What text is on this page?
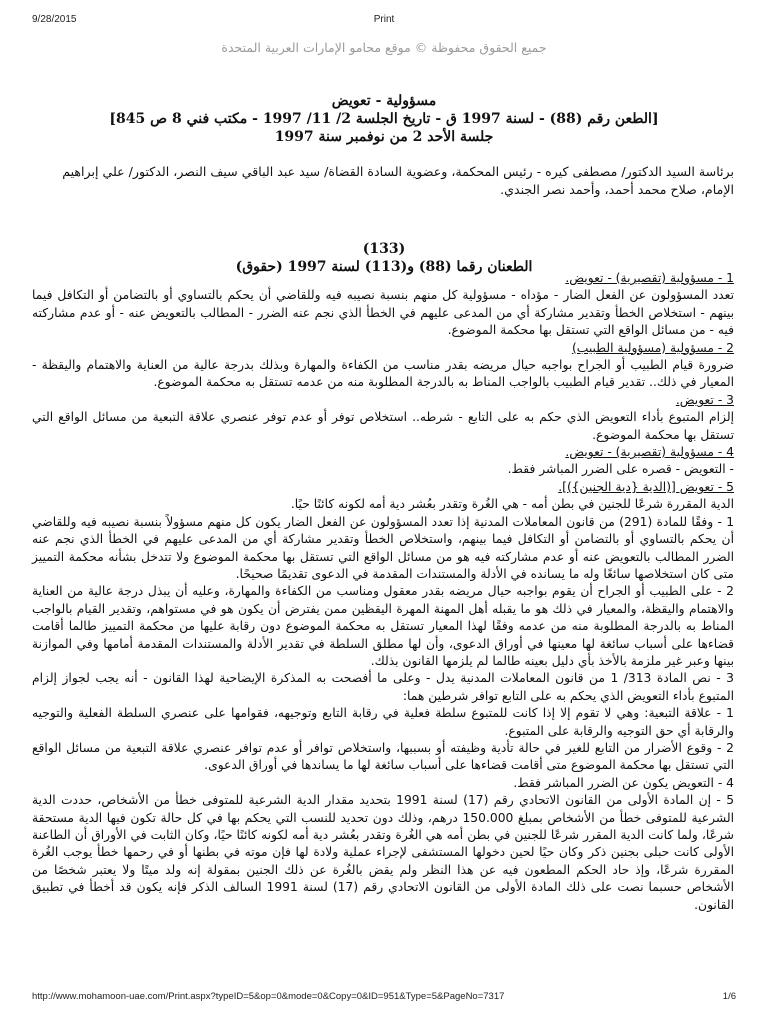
9/28/2015	Print
جميع الحقوق محفوظة © موقع محامو الإمارات العربية المتحدة
مسؤولية - تعويض
[الطعن رقم (88) - لسنة 1997 ق - تاريخ الجلسة 2/ 11/ 1997 - مكتب فني 8 ص 845]
جلسة الأحد 2 من نوفمبر سنة 1997
برئاسة السيد الدكتور/ مصطفى كيره - رئيس المحكمة، وعضوية السادة القضاة/ سيد عبد الباقي سيف النصر، الدكتور/ علي إبراهيم الإمام، صلاح محمد أحمد، وأحمد نصر الجندي.
(133)
الطعنان رقما (88) و(113) لسنة 1997 (حقوق)
1 - مسؤولية (تقصيرية) - تعويض.
تعدد المسؤولون عن الفعل الضار - مؤداه - مسؤولية كل منهم بنسبة نصيبه فيه وللقاضي أن يحكم بالتساوي أو بالتضامن أو التكافل فيما بينهم - استخلاص الخطأ وتقدير مشاركة أي من المدعى عليهم في الخطأ الذي نجم عنه الضرر - المطالب بالتعويض عنه - أو عدم مشاركته فيه - من مسائل الواقع التي تستقل بها محكمة الموضوع.
2 - مسؤولية (مسؤولية الطبيب)
ضرورة قيام الطبيب أو الجراح بواجبه حيال مريضه بقدر مناسب من الكفاءة والمهارة وبذلك بدرجة عالية من العناية والاهتمام واليقظة - المعيار في ذلك.. تقدير قيام الطبيب بالواجب المناط به بالدرجة المطلوبة منه من عدمه تستقل به محكمة الموضوع.
3 - تعويض.
إلزام المتبوع بأداء التعويض الذي حكم به على التابع - شرطه.. استخلاص توفر أو عدم توفر عنصري علاقة التبعية من مسائل الواقع التي تستقل بها محكمة الموضوع.
4 - مسؤولية (تقصيرية) - تعويض.
- التعويض - قصره على الضرر المباشر فقط.
5 - تعويض [(الدية {دية الجنين})].
الدية المقررة شرعًا للجنين في بطن أمه - هي الغُرة وتقدر بعُشر دية أمه لكونه كائنًا حيًا.
1 - وفقًا للمادة (291) من قانون المعاملات المدنية إذا تعدد المسؤولون عن الفعل الضار يكون كل منهم مسؤولاً بنسبة نصيبه فيه وللقاضي أن يحكم بالتساوي أو بالتضامن أو التكافل فيما بينهم، واستخلاص الخطأ وتقدير مشاركة أي من المدعى عليهم في الخطأ الذي نجم عنه الضرر المطالب بالتعويض عنه أو عدم مشاركته فيه هو من مسائل الواقع التي تستقل بها محكمة الموضوع ولا تتدخل بشأنه محكمة التمييز متى كان استخلاصها سائغًا وله ما يسانده في الأدلة والمستندات المقدمة في الدعوى تقديمًا صحيحًا.
2 - على الطبيب أو الجراح أن يقوم بواجبه حيال مريضه بقدر معقول ومناسب من الكفاءة والمهارة، وعليه أن يبذل درجة عالية من العناية والاهتمام واليقظة، والمعيار في ذلك هو ما يقبله أهل المهنة المهرة اليقظين ممن يفترض أن يكون هو في مستواهم، وتقدير القيام بالواجب المناط به بالدرجة المطلوبة منه من عدمه وفقًا لهذا المعيار تستقل به محكمة الموضوع دون رقابة عليها من محكمة التمييز طالما أقامت قضاءها على أسباب سائغة لها معينها في أوراق الدعوى، وأن لها مطلق السلطة في تقدير الأدلة والمستندات المقدمة أمامها وفي الموازنة بينها وعبر غير ملزمة بالأخذ بأي دليل بعينه طالما لم يلزمها القانون بذلك.
3 - نص المادة 313/ 1 من قانون المعاملات المدنية يدل - وعلى ما أفصحت به المذكرة الإيضاحية لهذا القانون - أنه يجب لجواز إلزام المتبوع بأداء التعويض الذي يحكم به على التابع توافر شرطين هما:
1 - علاقة التبعية: وهي لا تقوم إلا إذا كانت للمتبوع سلطة فعلية في رقابة التابع وتوجيهه، فقوامها على عنصري السلطة الفعلية والتوجيه والرقابة أي حق التوجيه والرقابة على المتبوع.
2 - وقوع الأضرار من التابع للغير في حالة تأدية وظيفته أو بسببها، واستخلاص توافر أو عدم توافر عنصري علاقة التبعية من مسائل الواقع التي تستقل بها محكمة الموضوع متى أقامت قضاءها على أسباب سائغة لها ما يساندها في أوراق الدعوى.
4 - التعويض يكون عن الضرر المباشر فقط.
5 - إن المادة الأولى من القانون الاتحادي رقم (17) لسنة 1991 بتحديد مقدار الدية الشرعية للمتوفى خطأ من الأشخاص، حددت الدية الشرعية للمتوفى خطأ من الأشخاص بمبلغ 150.000 درهم، وذلك دون تحديد للنسب التي يحكم بها في كل حالة تكون فيها الدية مستحقة شرعًا، ولما كانت الدية المقرر شرعًا للجنين في بطن أمه هي الغُرة وتقدر بعُشر دية أمه لكونه كائنًا حيًا، وكان الثابت في الأوراق أن الطاعنة الأولى كانت حبلى بجنين ذكر وكان حيًا لحين دخولها المستشفى لإجراء عملية ولادة لها فإن موته في بطنها أو في رحمها خطأ يوجب الغُرة المقررة شرعًا، وإذ حاد الحكم المطعون فيه عن هذا النظر ولم يقض بالغُرة عن ذلك الجنين بمقولة إنه ولد ميتًا ولا يعتبر شخصًا من الأشخاص حسبما نصت على ذلك المادة الأولى من القانون الاتحادي رقم (17) لسنة 1991 السالف الذكر فإنه يكون قد أخطأ في تطبيق القانون.
http://www.mohamoon-uae.com/Print.aspx?typeID=5&op=0&mode=0&Copy=0&ID=951&Type=5&PageNo=7317	1/6
